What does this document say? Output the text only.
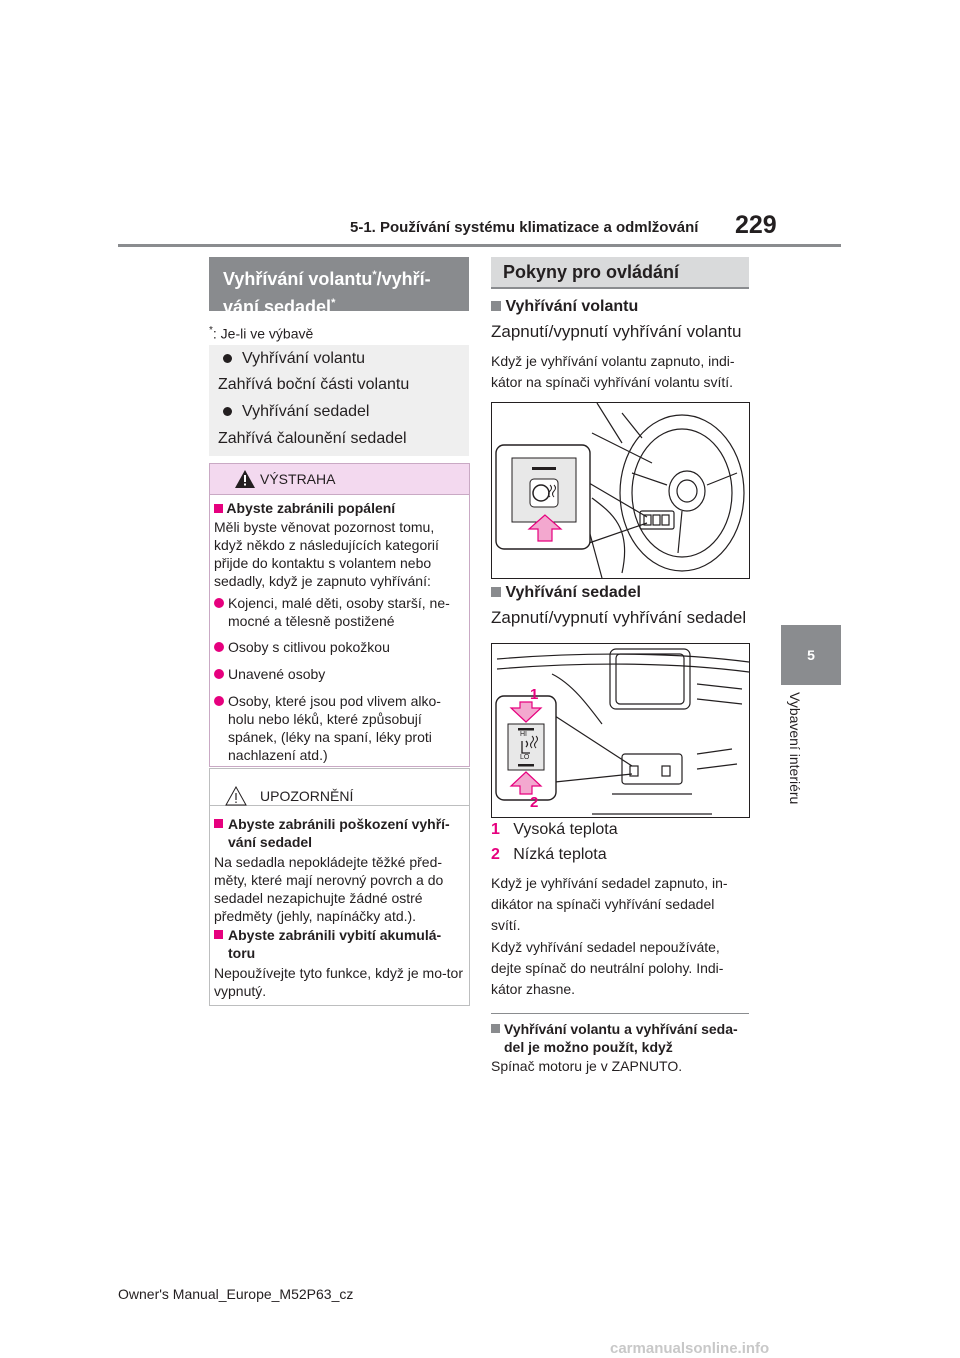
5-1. Používání systému klimatizace a odmlžování 229
5
Vybavení interiéru
Vyhřívání volantu*/vyhří-
vání sedadel*
*: Je-li ve výbavě
Vyhřívání volantu
Zahřívá boční části volantu
Vyhřívání sedadel
Zahřívá čalounění sedadel
VÝSTRAHA
Abyste zabránili popálení
Měli byste věnovat pozornost tomu, když někdo z následujících kategorií přijde do kontaktu s volantem nebo sedadly, když je zapnuto vyhřívání:
Kojenci, malé děti, osoby starší, ne-mocné a tělesně postižené
Osoby s citlivou pokožkou
Unavené osoby
Osoby, které jsou pod vlivem alko-holu nebo léků, které způsobují spánek, (léky na spaní, léky proti nachlazení atd.)
UPOZORNĚNÍ
Abyste zabránili poškození vyhří-vání sedadel
Na sedadla nepokládejte těžké před-měty, které mají nerovný povrch a do sedadel nezapichujte žádné ostré předměty (jehly, napínáčky atd.).
Abyste zabránili vybití akumulá-toru
Nepoužívejte tyto funkce, když je mo-tor vypnutý.
Pokyny pro ovládání
Vyhřívání volantu
Zapnutí/vypnutí vyhřívání volantu
Když je vyhřívání volantu zapnuto, indi-kátor na spínači vyhřívání volantu svítí.
Vyhřívání sedadel
Zapnutí/vypnutí vyhřívání sedadel
1
2
HI
LO
1 Vysoká teplota
2 Nízká teplota
Když je vyhřívání sedadel zapnuto, in-dikátor na spínači vyhřívání sedadel svítí.
Když vyhřívání sedadel nepoužíváte, dejte spínač do neutrální polohy. Indi-kátor zhasne.
Vyhřívání volantu a vyhřívání seda-del je možno použít, když
Spínač motoru je v ZAPNUTO.
Owner's Manual_Europe_M52P63_cz
carmanualsonline.info
